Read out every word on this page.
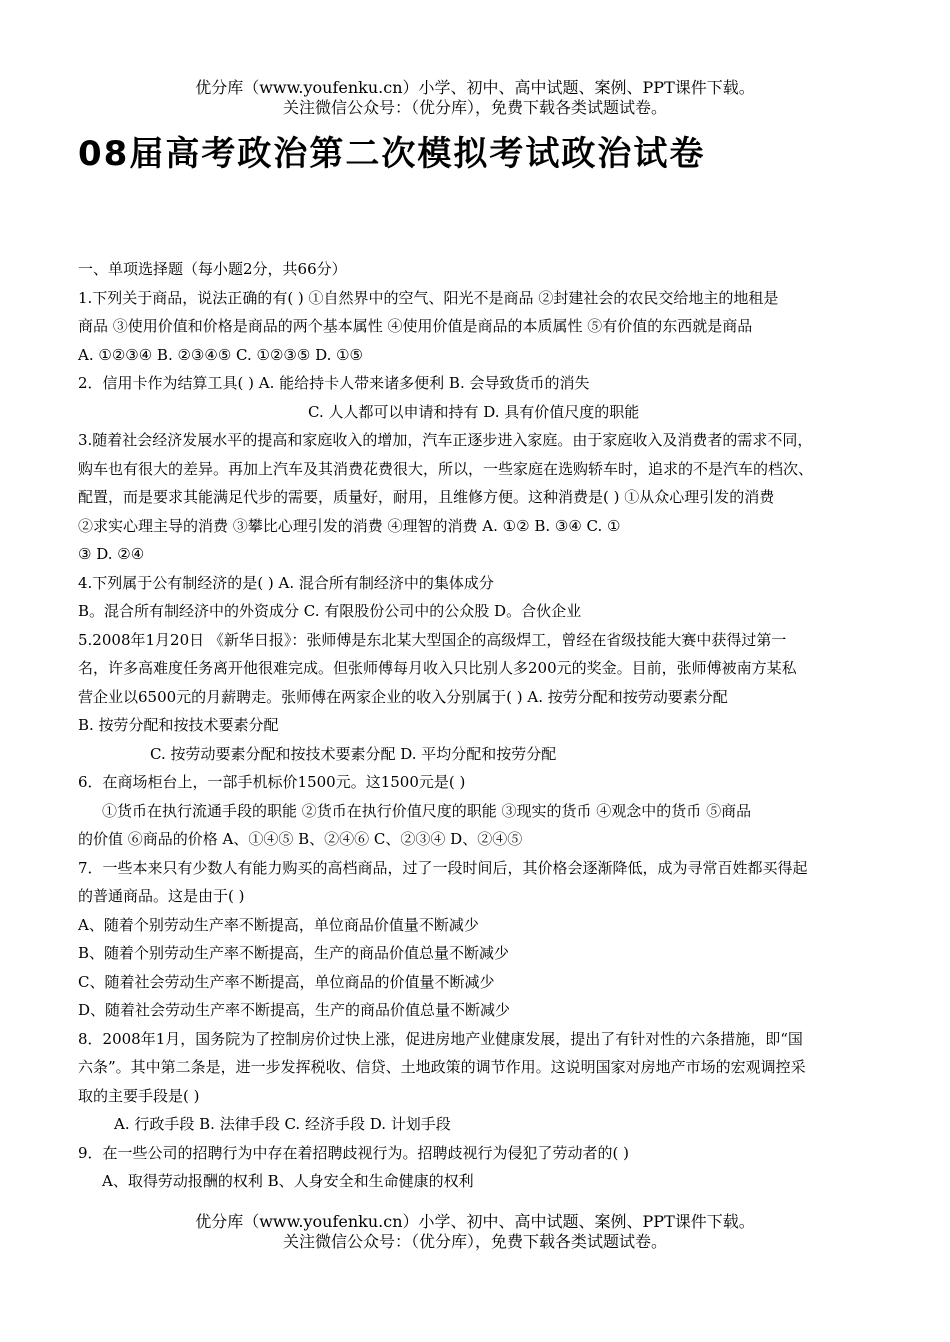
优分库（www.youfenku.cn）小学、初中、高中试题、案例、PPT课件下载。
关注微信公众号：（优分库），免费下载各类试题试卷。
08届高考政治第二次模拟考试政治试卷

一、单项选择题（每小题2分，共66分）

1.下列关于商品，说法正确的有( ) ①自然界中的空气、阳光不是商品 ②封建社会的农民交给地主的地租是

商品 ③使用价值和价格是商品的两个基本属性 ④使用价值是商品的本质属性 ⑤有价值的东西就是商品

A. ①②③④ B. ②③④⑤ C. ①②③⑤ D. ①⑤

2．信用卡作为结算工具( ) A. 能给持卡人带来诸多便利 B. 会导致货币的消失

C. 人人都可以申请和持有 D. 具有价值尺度的职能

3.随着社会经济发展水平的提高和家庭收入的增加，汽车正逐步进入家庭。由于家庭收入及消费者的需求不同，

购车也有很大的差异。再加上汽车及其消费花费很大，所以，一些家庭在选购轿车时，追求的不是汽车的档次、

配置，而是要求其能满足代步的需要，质量好，耐用，且维修方便。这种消费是( ) ①从众心理引发的消费

②求实心理主导的消费 ③攀比心理引发的消费 ④理智的消费 A. ①② B. ③④ C. ①

③ D. ②④

4.下列属于公有制经济的是( ) A. 混合所有制经济中的集体成分

B。混合所有制经济中的外资成分 C. 有限股份公司中的公众股 D。合伙企业

5.2008年1月20日 《新华日报》：张师傅是东北某大型国企的高级焊工，曾经在省级技能大赛中获得过第一

名，许多高难度任务离开他很难完成。但张师傅每月收入只比别人多200元的奖金。目前，张师傅被南方某私

营企业以6500元的月薪聘走。张师傅在两家企业的收入分别属于( ) A. 按劳分配和按劳动要素分配

B. 按劳分配和按技术要素分配

C. 按劳动要素分配和按技术要素分配 D. 平均分配和按劳分配

6．在商场柜台上，一部手机标价1500元。这1500元是( )

①货币在执行流通手段的职能 ②货币在执行价值尺度的职能 ③现实的货币 ④观念中的货币 ⑤商品

的价值 ⑥商品的价格 A、①④⑤ B、②④⑥ C、②③④ D、②④⑤

7．一些本来只有少数人有能力购买的高档商品，过了一段时间后，其价格会逐渐降低，成为寻常百姓都买得起

的普通商品。这是由于( )

A、随着个别劳动生产率不断提高，单位商品价值量不断减少

B、随着个别劳动生产率不断提高，生产的商品价值总量不断减少

C、随着社会劳动生产率不断提高，单位商品的价值量不断减少

D、随着社会劳动生产率不断提高，生产的商品价值总量不断减少

8．2008年1月，国务院为了控制房价过快上涨，促进房地产业健康发展，提出了有针对性的六条措施，即“国

六条”。其中第二条是，进一步发挥税收、信贷、土地政策的调节作用。这说明国家对房地产市场的宏观调控采

取的主要手段是( )

A. 行政手段 B. 法律手段 C. 经济手段 D. 计划手段

9．在一些公司的招聘行为中存在着招聘歧视行为。招聘歧视行为侵犯了劳动者的( )

A、取得劳动报酬的权利 B、人身安全和生命健康的权利

优分库（www.youfenku.cn）小学、初中、高中试题、案例、PPT课件下载。
关注微信公众号：（优分库），免费下载各类试题试卷。
